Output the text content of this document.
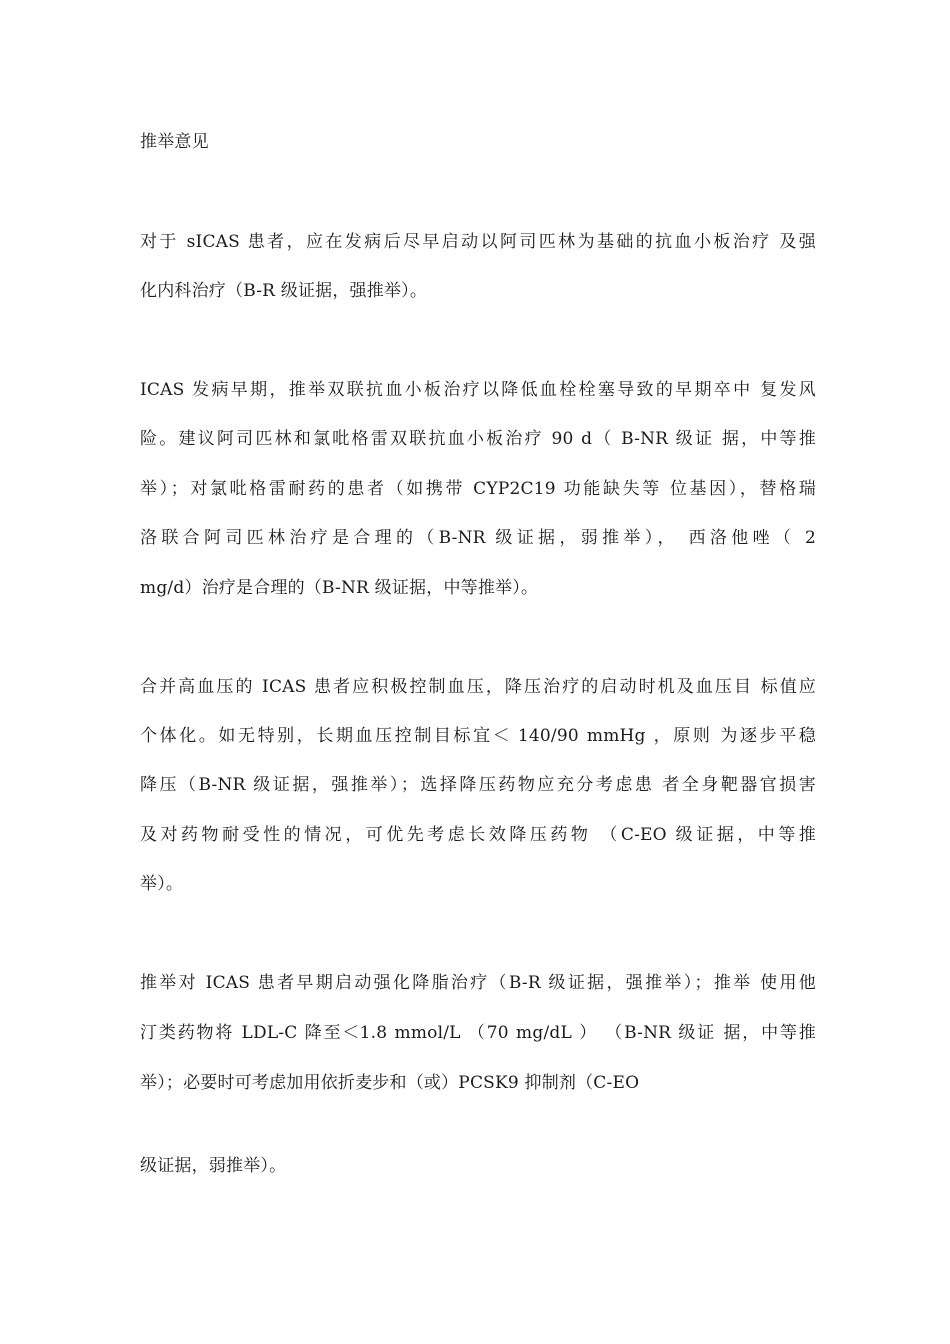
推举意见

对于 sICAS 患者，应在发病后尽早启动以阿司匹林为基础的抗血小板治疗 及强

化内科治疗（B-R 级证据，强推举）。

ICAS 发病早期，推举双联抗血小板治疗以降低血栓栓塞导致的早期卒中 复发风

险。建议阿司匹林和氯吡格雷双联抗血小板治疗 90 d（ B-NR 级证 据，中等推

举）；对氯吡格雷耐药的患者（如携带 CYP2C19 功能缺失等 位基因），替格瑞

洛联合阿司匹林治疗是合理的（B-NR 级证据，弱推举）， 西洛他唑（ 2

mg/d）治疗是合理的（B-NR 级证据，中等推举）。

合并高血压的 ICAS 患者应积极控制血压，降压治疗的启动时机及血压目 标值应

个体化。如无特别，长期血压控制目标宜＜ 140/90 mmHg ，原则 为逐步平稳

降压（B-NR 级证据，强推举）；选择降压药物应充分考虑患 者全身靶器官损害

及对药物耐受性的情况，可优先考虑长效降压药物 （C-EO 级证据，中等推

举）。

推举对 ICAS 患者早期启动强化降脂治疗（B-R 级证据，强推举）；推举 使用他

汀类药物将 LDL-C 降至＜1.8 mmol/L （70 mg/dL ） （B-NR 级证 据，中等推

举）；必要时可考虑加用依折麦步和（或）PCSK9 抑制剂（C-EO

级证据，弱推举）。
